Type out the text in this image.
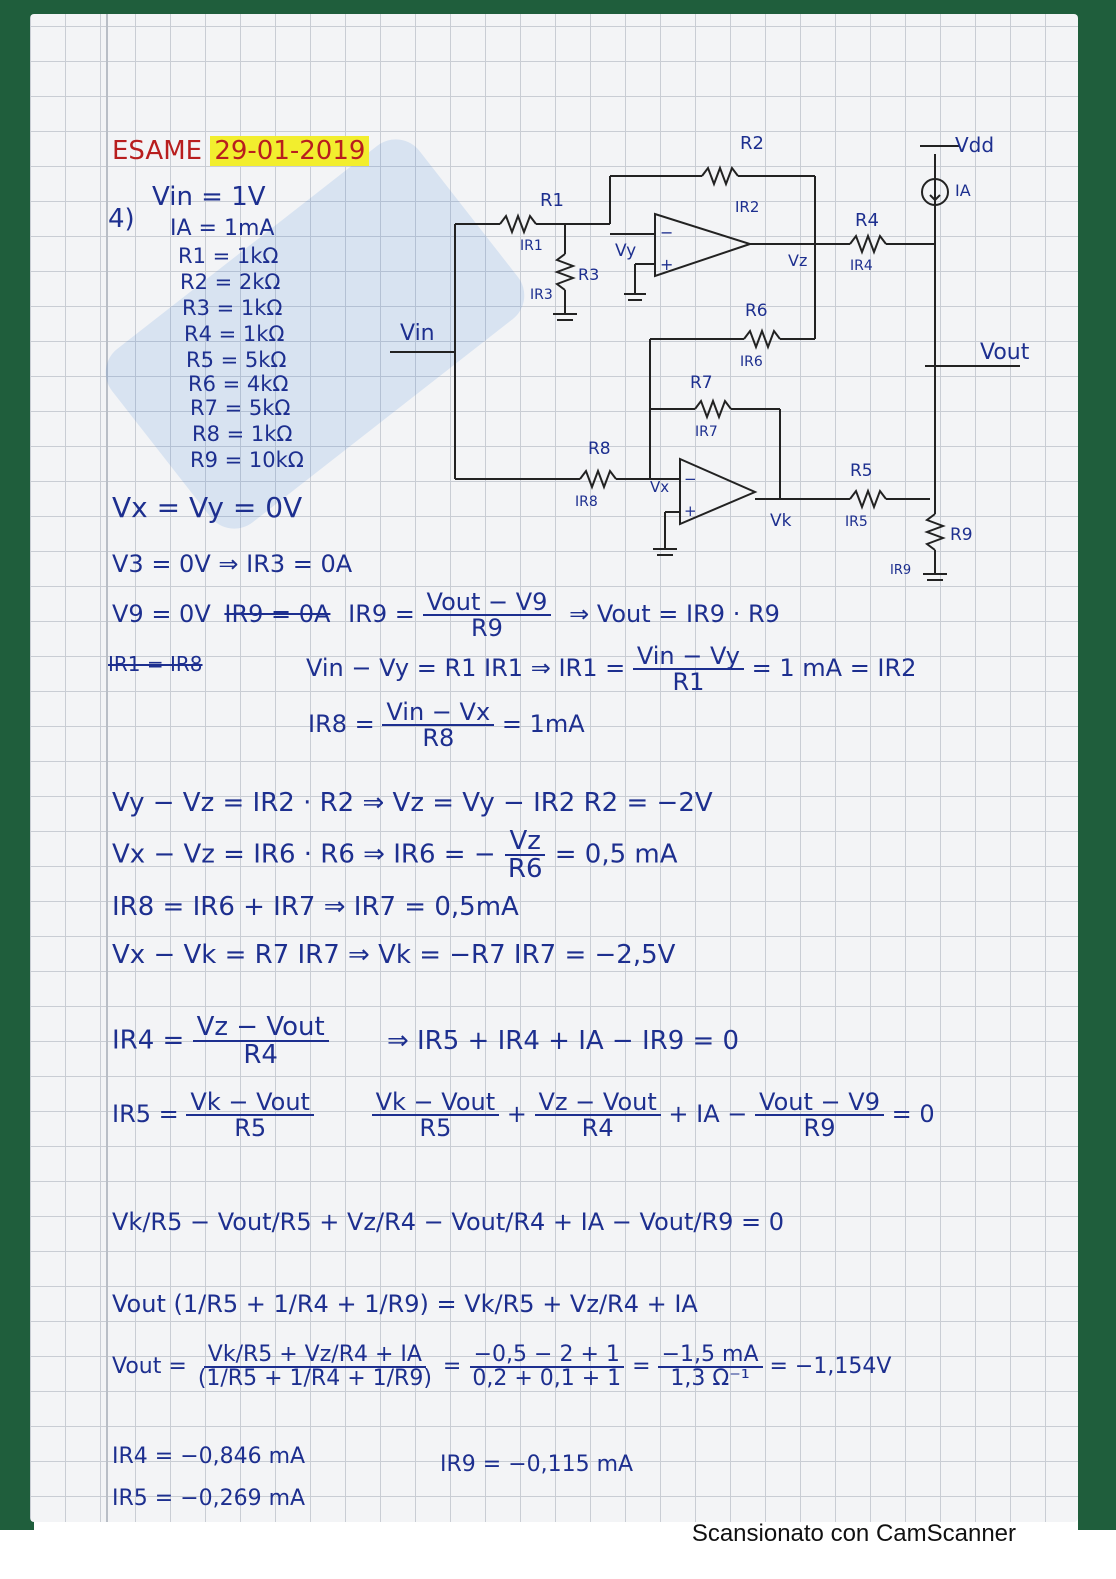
ESAME 29-01-2019
4)
Vin = 1V
IA = 1mA
R1 = 1kΩ
R2 = 2kΩ
R3 = 1kΩ
R4 = 1kΩ
R5 = 5kΩ
R6 = 4kΩ
R7 = 5kΩ
R8 = 1kΩ
R9 = 10kΩ
Vdd
IA
R2
IR2
R1
IR1
R3
IR3
Vy	Vz
R4
IR4
Vin
R6
IR6	Vout
R7
IR7
R8
IR8
Vx
Vk
R5
IR5
R9
IR9
−
+
−
+
Vx = Vy = 0V
V3 = 0V ⇒ IR3 = 0A
V9 = 0V IR9 = 0A $IR9 = \frac{\text{Vout − V9}}{R9}$ ⇒ Vout = IR9 · R9
IR1 = IR8	Vin − Vy = R1 IR1 ⇒ $IR1 = \frac{\text{Vin − Vy}}{R1} = 1$ mA = IR2
$IR8 = \frac{\text{Vin − Vx}}{R8} = 1mA$
Vy − Vz = IR2 · R2 ⇒ Vz = Vy − IR2 R2 = −2V
Vx − Vz = IR6 · R6 ⇒ IR6 = − $\frac{Vz}{R6} = 0,5$ mA
IR8 = IR6 + IR7 ⇒ IR7 = 0,5mA
Vx − Vk = R7 IR7 ⇒ Vk = −R7 IR7 = −2,5V
$IR4 = \frac{\text{Vz − Vout}}{R4}$ ⇒ IR5 + IR4 + IA − IR9 = 0
$IR5 = \frac{\text{Vk − Vout}}{R5}$
$\frac{\text{Vk − Vout}}{R5} + \frac{\text{Vz − Vout}}{R4}$ + IA − $\frac{\text{Vout − V9}}{R9} = 0$
Vk/R5 − Vout/R5 + Vz/R4 − Vout/R4 + IA − Vout/R9 = 0
Vout (1/R5 + 1/R4 + 1/R9) = Vk/R5 + Vz/R4 + IA
Vout = $\frac{Vk/R5 + Vz/R4 + IA}{(1/R5 + 1/R4 + 1/R9)} = \frac{-0,5 - 2 + 1}{0,2 + 0,1 + 1} = \frac{-1,5 mA}{\text{1,3 Ω⁻¹}} = -1,154V$
IR4 = −0,846 mA	IR9 = −0,115 mA
IR5 = −0,269 mA
Scansionato con CamScanner
